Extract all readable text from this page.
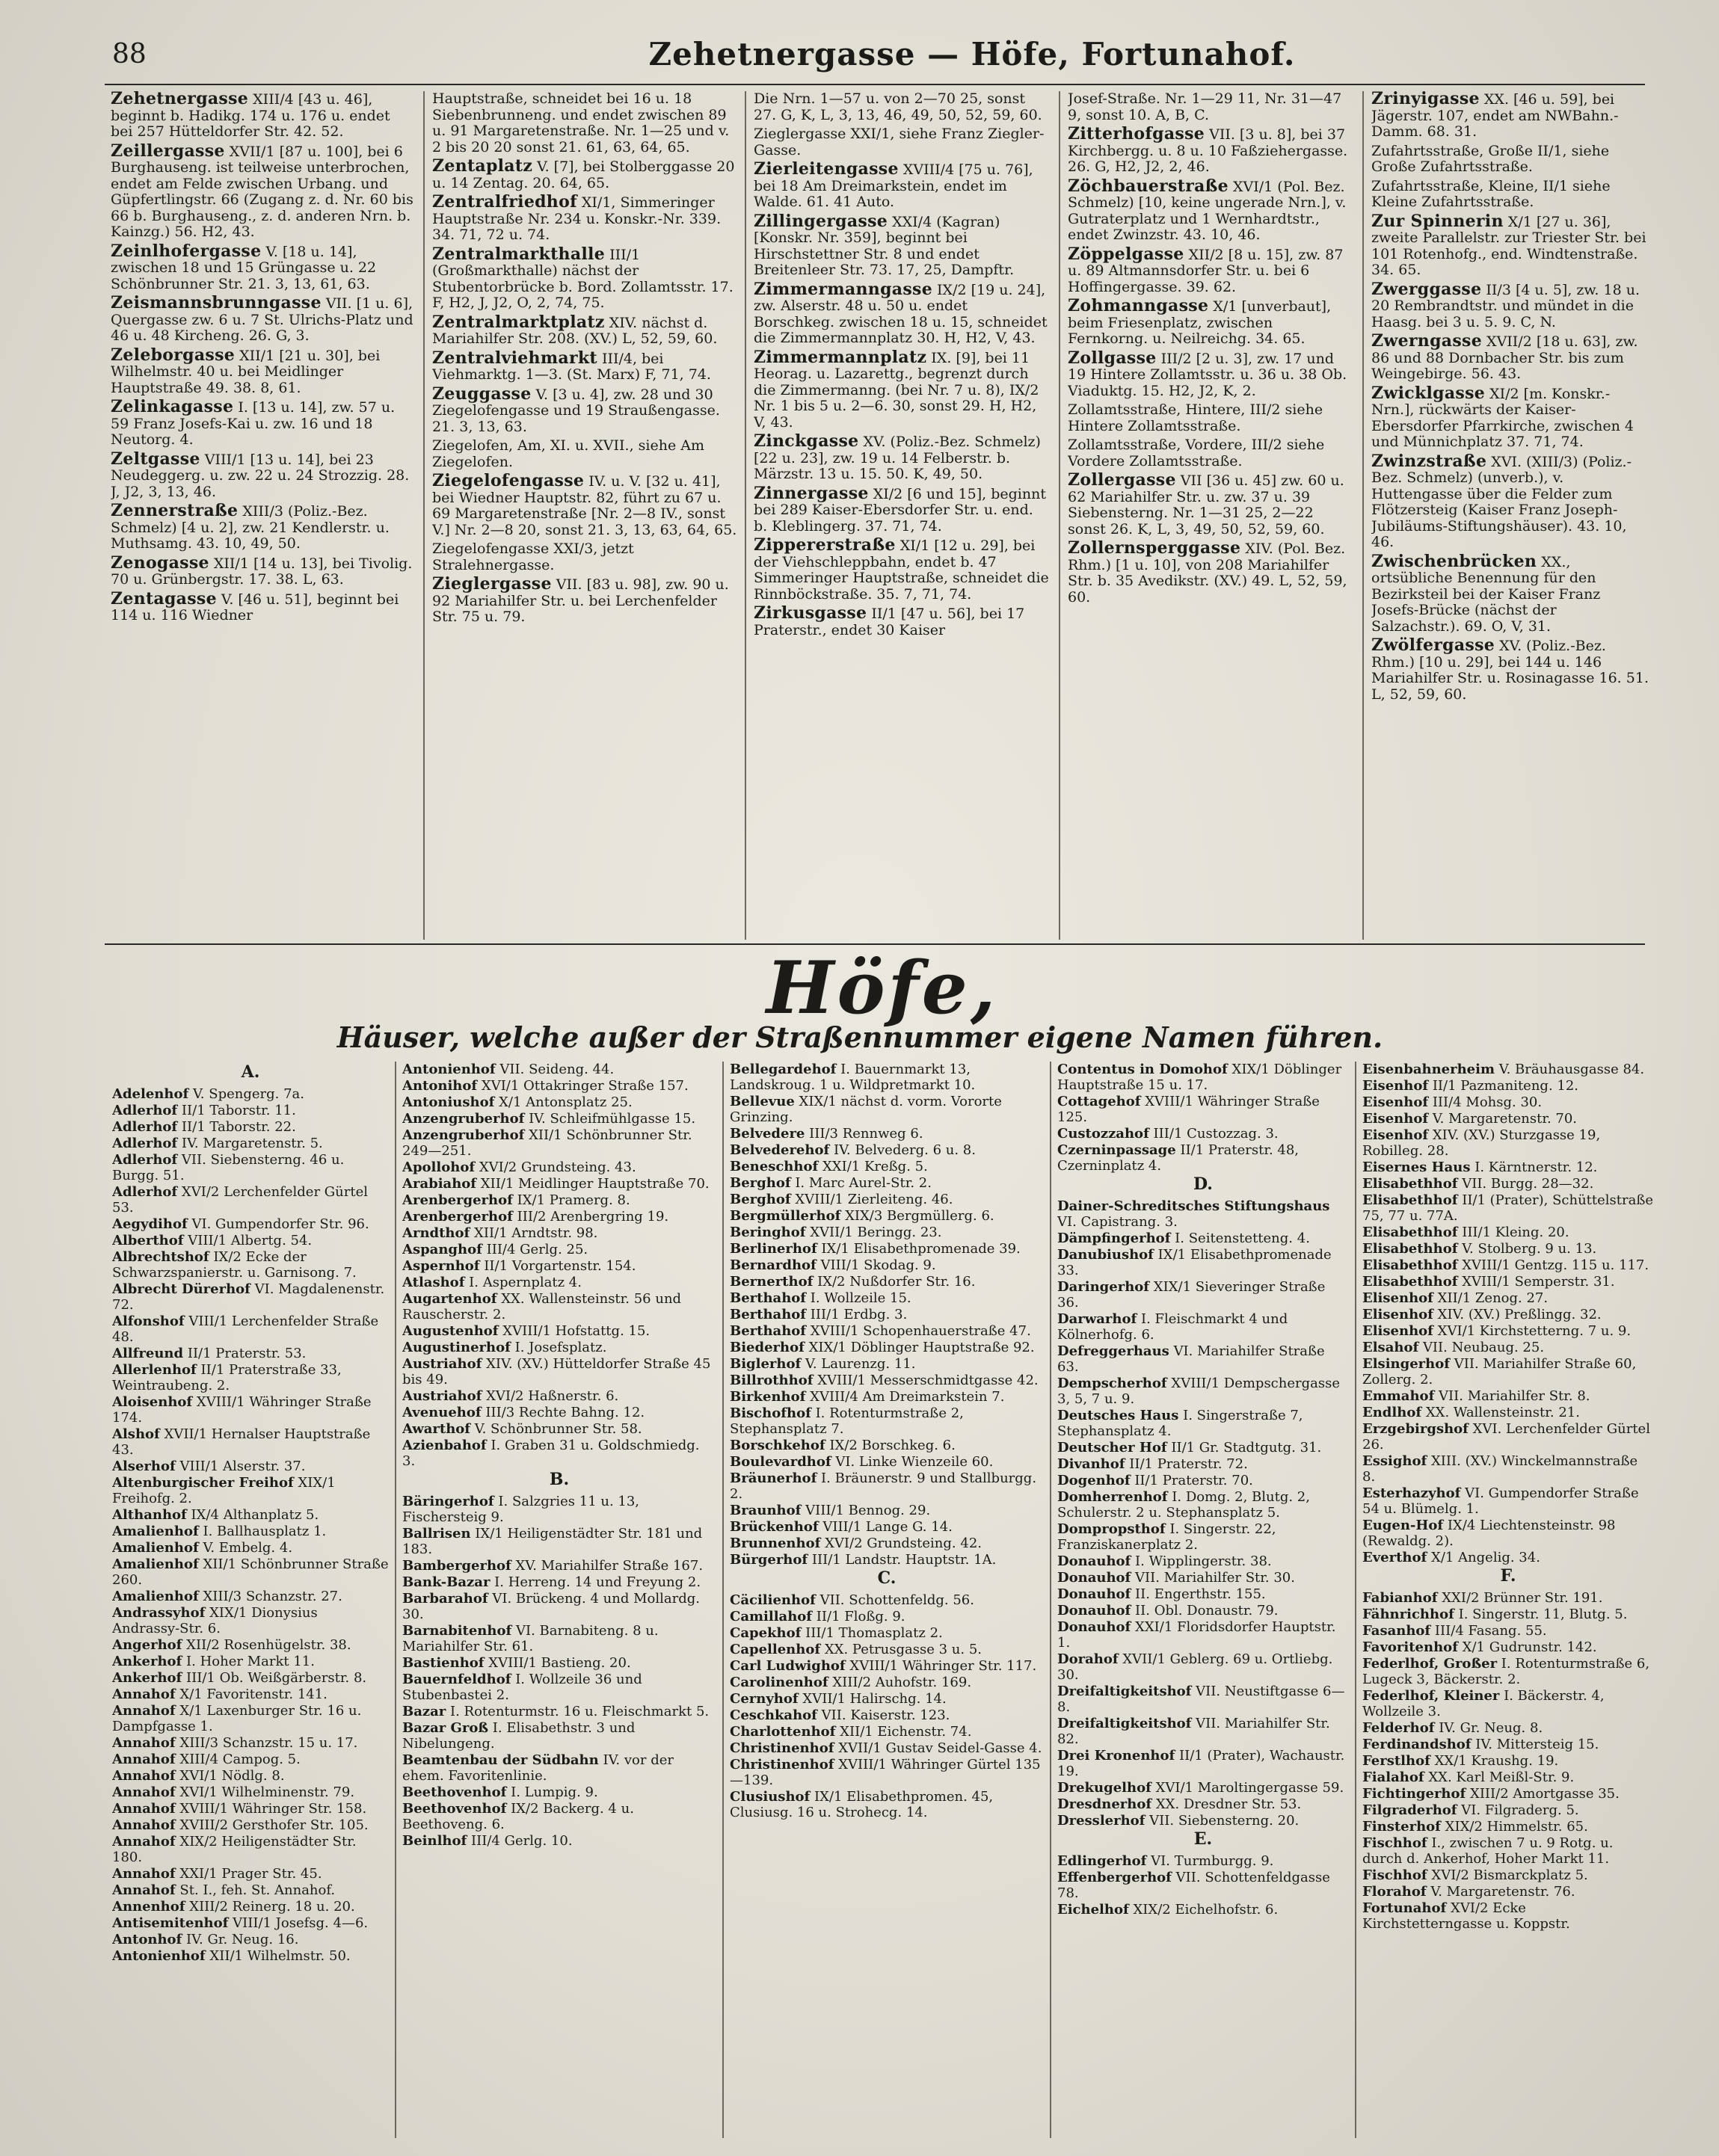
88	Zehetnergasse — Höfe, Fortunahof.
Zehetnergasse XIII/4 [43 u. 46], beginnt b. Hadikg. 174 u. 176 u. endet bei 257 Hütteldorfer Str. 42. 52.
Zeillergasse XVII/1 [87 u. 100], bei 6 Burghauseng. ist teilweise unterbrochen, endet am Felde zwischen Urbang. und Güpfertlingstr. 66 (Zugang z. d. Nr. 60 bis 66 b. Burghauseng., z. d. anderen Nrn. b. Kainzg.) 56. H2, 43.
Zeinlhofergasse V. [18 u. 14], zwischen 18 und 15 Grüngasse u. 22 Schönbrunner Str. 21. 3, 13, 61, 63.
Zeismannsbrunngasse VII. [1 u. 6], Quergasse zw. 6 u. 7 St. Ulrichs-Platz und 46 u. 48 Kircheng. 26. G, 3.
Zeleborgasse XII/1 [21 u. 30], bei Wilhelmstr. 40 u. bei Meidlinger Hauptstraße 49. 38. 8, 61.
Zelinkagasse I. [13 u. 14], zw. 57 u. 59 Franz Josefs-Kai u. zw. 16 und 18 Neutorg. 4.
Zeltgasse VIII/1 [13 u. 14], bei 23 Neudeggerg. u. zw. 22 u. 24 Strozzig. 28. J, J2, 3, 13, 46.
Zennerstraße XIII/3 (Poliz.-Bez. Schmelz) [4 u. 2], zw. 21 Kendlerstr. u. Muthsamg. 43. 10, 49, 50.
Zenogasse XII/1 [14 u. 13], bei Tivolig. 70 u. Grünbergstr. 17. 38. L, 63.
Zentagasse V. [46 u. 51], beginnt bei 114 u. 116 Wiedner
Hauptstraße, schneidet bei 16 u. 18 Siebenbrunneng. und endet zwischen 89 u. 91 Margaretenstraße. Nr. 1—25 und v. 2 bis 20 20 sonst 21. 61, 63, 64, 65.
Zentaplatz V. [7], bei Stolberggasse 20 u. 14 Zentag. 20. 64, 65.
Zentralfriedhof XI/1, Simmeringer Hauptstraße Nr. 234 u. Konskr.-Nr. 339. 34. 71, 72 u. 74.
Zentralmarkthalle III/1 (Großmarkthalle) nächst der Stubentorbrücke b. Bord. Zollamtsstr. 17. F, H2, J, J2, O, 2, 74, 75.
Zentralmarktplatz XIV. nächst d. Mariahilfer Str. 208. (XV.) L, 52, 59, 60.
Zentralviehmarkt III/4, bei Viehmarktg. 1—3. (St. Marx) F, 71, 74.
Zeuggasse V. [3 u. 4], zw. 28 und 30 Ziegelofengasse und 19 Straußengasse. 21. 3, 13, 63.
Ziegelofen, Am, XI. u. XVII., siehe Am Ziegelofen.
Ziegelofengasse IV. u. V. [32 u. 41], bei Wiedner Hauptstr. 82, führt zu 67 u. 69 Margaretenstraße [Nr. 2—8 IV., sonst V.] Nr. 2—8 20, sonst 21. 3, 13, 63, 64, 65.
Ziegelofengasse XXI/3, jetzt Stralehnergasse.
Zieglergasse VII. [83 u. 98], zw. 90 u. 92 Mariahilfer Str. u. bei Lerchenfelder Str. 75 u. 79.
Die Nrn. 1—57 u. von 2—70 25, sonst 27. G, K, L, 3, 13, 46, 49, 50, 52, 59, 60.
Zieglergasse XXI/1, siehe Franz Ziegler-Gasse.
Zierleitengasse XVIII/4 [75 u. 76], bei 18 Am Dreimarkstein, endet im Walde. 61. 41 Auto.
Zillingergasse XXI/4 (Kagran) [Konskr. Nr. 359], beginnt bei Hirschstettner Str. 8 und endet Breitenleer Str. 73. 17, 25, Dampftr.
Zimmermanngasse IX/2 [19 u. 24], zw. Alserstr. 48 u. 50 u. endet Borschkeg. zwischen 18 u. 15, schneidet die Zimmermannplatz 30. H, H2, V, 43.
Zimmermannplatz IX. [9], bei 11 Heorag. u. Lazarettg., begrenzt durch die Zimmermanng. (bei Nr. 7 u. 8), IX/2 Nr. 1 bis 5 u. 2—6. 30, sonst 29. H, H2, V, 43.
Zinckgasse XV. (Poliz.-Bez. Schmelz) [22 u. 23], zw. 19 u. 14 Felberstr. b. Märzstr. 13 u. 15. 50. K, 49, 50.
Zinnergasse XI/2 [6 und 15], beginnt bei 289 Kaiser-Ebersdorfer Str. u. end. b. Kleblingerg. 37. 71, 74.
Zippererstraße XI/1 [12 u. 29], bei der Viehschleppbahn, endet b. 47 Simmeringer Hauptstraße, schneidet die Rinnböckstraße. 35. 7, 71, 74.
Zirkusgasse II/1 [47 u. 56], bei 17 Praterstr., endet 30 Kaiser
Josef-Straße. Nr. 1—29 11, Nr. 31—47 9, sonst 10. A, B, C.
Zitterhofgasse VII. [3 u. 8], bei 37 Kirchbergg. u. 8 u. 10 Faßziehergasse. 26. G, H2, J2, 2, 46.
Zöchbauerstraße XVI/1 (Pol. Bez. Schmelz) [10, keine ungerade Nrn.], v. Gutraterplatz und 1 Wernhardtstr., endet Zwinzstr. 43. 10, 46.
Zöppelgasse XII/2 [8 u. 15], zw. 87 u. 89 Altmannsdorfer Str. u. bei 6 Hoffingergasse. 39. 62.
Zohmanngasse X/1 [unverbaut], beim Friesenplatz, zwischen Fernkorng. u. Neilreichg. 34. 65.
Zollgasse III/2 [2 u. 3], zw. 17 und 19 Hintere Zollamtsstr. u. 36 u. 38 Ob. Viaduktg. 15. H2, J2, K, 2.
Zollamtsstraße, Hintere, III/2 siehe Hintere Zollamtsstraße.
Zollamtsstraße, Vordere, III/2 siehe Vordere Zollamtsstraße.
Zollergasse VII [36 u. 45] zw. 60 u. 62 Mariahilfer Str. u. zw. 37 u. 39 Siebensterng. Nr. 1—31 25, 2—22 sonst 26. K, L, 3, 49, 50, 52, 59, 60.
Zollernsperggasse XIV. (Pol. Bez. Rhm.) [1 u. 10], von 208 Mariahilfer Str. b. 35 Avedikstr. (XV.) 49. L, 52, 59, 60.
Zrinyigasse XX. [46 u. 59], bei Jägerstr. 107, endet am NWBahn.-Damm. 68. 31.
Zufahrtsstraße, Große II/1, siehe Große Zufahrtsstraße.
Zufahrtsstraße, Kleine, II/1 siehe Kleine Zufahrtsstraße.
Zur Spinnerin X/1 [27 u. 36], zweite Parallelstr. zur Triester Str. bei 101 Rotenhofg., end. Windtenstraße. 34. 65.
Zwerggasse II/3 [4 u. 5], zw. 18 u. 20 Rembrandtstr. und mündet in die Haasg. bei 3 u. 5. 9. C, N.
Zwerngasse XVII/2 [18 u. 63], zw. 86 und 88 Dornbacher Str. bis zum Weingebirge. 56. 43.
Zwicklgasse XI/2 [m. Konskr.-Nrn.], rückwärts der Kaiser-Ebersdorfer Pfarrkirche, zwischen 4 und Münnichplatz 37. 71, 74.
Zwinzstraße XVI. (XIII/3) (Poliz.-Bez. Schmelz) (unverb.), v. Huttengasse über die Felder zum Flötzersteig (Kaiser Franz Joseph-Jubiläums-Stiftungshäuser). 43. 10, 46.
Zwischenbrücken XX., ortsübliche Benennung für den Bezirksteil bei der Kaiser Franz Josefs-Brücke (nächst der Salzachstr.). 69. O, V, 31.
Zwölfergasse XV. (Poliz.-Bez. Rhm.) [10 u. 29], bei 144 u. 146 Mariahilfer Str. u. Rosinagasse 16. 51. L, 52, 59, 60.
Höfe,
Häuser, welche außer der Straßennummer eigene Namen führen.
A.
Adelenhof V. Spengerg. 7a.
Adlerhof II/1 Taborstr. 11.
Adlerhof II/1 Taborstr. 22.
Adlerhof IV. Margaretenstr. 5.
Adlerhof VII. Siebensterng. 46 u. Burgg. 51.
Adlerhof XVI/2 Lerchenfelder Gürtel 53.
Aegydihof VI. Gumpendorfer Str. 96.
Alberthof VIII/1 Albertg. 54.
Albrechtshof IX/2 Ecke der Schwarzspanierstr. u. Garnisong. 7.
Albrecht Dürerhof VI. Magdalenenstr. 72.
Alfonshof VIII/1 Lerchenfelder Straße 48.
Allfreund II/1 Praterstr. 53.
Allerlenhof II/1 Praterstraße 33, Weintraubeng. 2.
Aloisenhof XVIII/1 Währinger Straße 174.
Alshof XVII/1 Hernalser Hauptstraße 43.
Alserhof VIII/1 Alserstr. 37.
Altenburgischer Freihof XIX/1 Freihofg. 2.
Althanhof IX/4 Althanplatz 5.
Amalienhof I. Ballhausplatz 1.
Amalienhof V. Embelg. 4.
Amalienhof XII/1 Schönbrunner Straße 260.
Amalienhof XIII/3 Schanzstr. 27.
Andrassyhof XIX/1 Dionysius Andrassy-Str. 6.
Angerhof XII/2 Rosenhügelstr. 38.
Ankerhof I. Hoher Markt 11.
Ankerhof III/1 Ob. Weißgärberstr. 8.
Annahof X/1 Favoritenstr. 141.
Annahof X/1 Laxenburger Str. 16 u. Dampfgasse 1.
Annahof XIII/3 Schanzstr. 15 u. 17.
Annahof XIII/4 Campog. 5.
Annahof XVI/1 Nödlg. 8.
Annahof XVI/1 Wilhelminenstr. 79.
Annahof XVIII/1 Währinger Str. 158.
Annahof XVIII/2 Gersthofer Str. 105.
Annahof XIX/2 Heiligenstädter Str. 180.
Annahof XXI/1 Prager Str. 45.
Annahof St. I., feh. St. Annahof.
Annenhof XIII/2 Reinerg. 18 u. 20.
Antisemitenhof VIII/1 Josefsg. 4—6.
Antonhof IV. Gr. Neug. 16.
Antonienhof XII/1 Wilhelmstr. 50.
Antonienhof VII. Seideng. 44.
Antonihof XVI/1 Ottakringer Straße 157.
Antoniushof X/1 Antonsplatz 25.
Anzengruberhof IV. Schleifmühlgasse 15.
Anzengruberhof XII/1 Schönbrunner Str. 249—251.
Apollohof XVI/2 Grundsteing. 43.
Arabiahof XII/1 Meidlinger Hauptstraße 70.
Arenbergerhof IX/1 Pramerg. 8.
Arenbergerhof III/2 Arenbergring 19.
Arndthof XII/1 Arndtstr. 98.
Aspanghof III/4 Gerlg. 25.
Aspernhof II/1 Vorgartenstr. 154.
Atlashof I. Aspernplatz 4.
Augartenhof XX. Wallensteinstr. 56 und Rauscherstr. 2.
Augustenhof XVIII/1 Hofstattg. 15.
Augustinerhof I. Josefsplatz.
Austriahof XIV. (XV.) Hütteldorfer Straße 45 bis 49.
Austriahof XVI/2 Haßnerstr. 6.
Avenuehof III/3 Rechte Bahng. 12.
Awarthof V. Schönbrunner Str. 58.
Azienbahof I. Graben 31 u. Goldschmiedg. 3.
B.
Bäringerhof I. Salzgries 11 u. 13, Fischersteig 9.
Ballrisen IX/1 Heiligenstädter Str. 181 und 183.
Bambergerhof XV. Mariahilfer Straße 167.
Bank-Bazar I. Herreng. 14 und Freyung 2.
Barbarahof VI. Brückeng. 4 und Mollardg. 30.
Barnabitenhof VI. Barnabiteng. 8 u. Mariahilfer Str. 61.
Bastienhof XVIII/1 Bastieng. 20.
Bauernfeldhof I. Wollzeile 36 und Stubenbastei 2.
Bazar I. Rotenturmstr. 16 u. Fleischmarkt 5.
Bazar Groß I. Elisabethstr. 3 und Nibelungeng.
Beamtenbau der Südbahn IV. vor der ehem. Favoritenlinie.
Beethovenhof I. Lumpig. 9.
Beethovenhof IX/2 Backerg. 4 u. Beethoveng. 6.
Beinlhof III/4 Gerlg. 10.
Bellegardehof I. Bauernmarkt 13, Landskroug. 1 u. Wildpretmarkt 10.
Bellevue XIX/1 nächst d. vorm. Vororte Grinzing.
Belvedere III/3 Rennweg 6.
Belvederehof IV. Belvederg. 6 u. 8.
Beneschhof XXI/1 Kreßg. 5.
Berghof I. Marc Aurel-Str. 2.
Berghof XVIII/1 Zierleiteng. 46.
Bergmüllerhof XIX/3 Bergmüllerg. 6.
Beringhof XVII/1 Beringg. 23.
Berlinerhof IX/1 Elisabethpromenade 39.
Bernardhof VIII/1 Skodag. 9.
Bernerthof IX/2 Nußdorfer Str. 16.
Berthahof I. Wollzeile 15.
Berthahof III/1 Erdbg. 3.
Berthahof XVIII/1 Schopenhauerstraße 47.
Biederhof XIX/1 Döblinger Hauptstraße 92.
Biglerhof V. Laurenzg. 11.
Billrothhof XVIII/1 Messerschmidtgasse 42.
Birkenhof XVIII/4 Am Dreimarkstein 7.
Bischofhof I. Rotenturmstraße 2, Stephansplatz 7.
Borschkehof IX/2 Borschkeg. 6.
Boulevardhof VI. Linke Wienzeile 60.
Bräunerhof I. Bräunerstr. 9 und Stallburgg. 2.
Braunhof VIII/1 Bennog. 29.
Brückenhof VIII/1 Lange G. 14.
Brunnenhof XVI/2 Grundsteing. 42.
Bürgerhof III/1 Landstr. Hauptstr. 1A.
C.
Cäcilienhof VII. Schottenfeldg. 56.
Camillahof II/1 Floßg. 9.
Capekhof III/1 Thomasplatz 2.
Capellenhof XX. Petrusgasse 3 u. 5.
Carl Ludwighof XVIII/1 Währinger Str. 117.
Carolinenhof XIII/2 Auhofstr. 169.
Cernyhof XVII/1 Halirschg. 14.
Ceschkahof VII. Kaiserstr. 123.
Charlottenhof XII/1 Eichenstr. 74.
Christinenhof XVII/1 Gustav Seidel-Gasse 4.
Christinenhof XVIII/1 Währinger Gürtel 135—139.
Clusiushof IX/1 Elisabethpromen. 45, Clusiusg. 16 u. Strohecg. 14.
Contentus in Domohof XIX/1 Döblinger Hauptstraße 15 u. 17.
Cottagehof XVIII/1 Währinger Straße 125.
Custozzahof III/1 Custozzag. 3.
Czerninpassage II/1 Praterstr. 48, Czerninplatz 4.
D.
Dainer-Schreditsches Stiftungshaus VI. Capistrang. 3.
Dämpfingerhof I. Seitenstetteng. 4.
Danubiushof IX/1 Elisabethpromenade 33.
Daringerhof XIX/1 Sieveringer Straße 36.
Darwarhof I. Fleischmarkt 4 und Kölnerhofg. 6.
Defreggerhaus VI. Mariahilfer Straße 63.
Dempscherhof XVIII/1 Dempschergasse 3, 5, 7 u. 9.
Deutsches Haus I. Singerstraße 7, Stephansplatz 4.
Deutscher Hof II/1 Gr. Stadtgutg. 31.
Divanhof II/1 Praterstr. 72.
Dogenhof II/1 Praterstr. 70.
Domherrenhof I. Domg. 2, Blutg. 2, Schulerstr. 2 u. Stephansplatz 5.
Dompropsthof I. Singerstr. 22, Franziskanerplatz 2.
Donauhof I. Wipplingerstr. 38.
Donauhof VII. Mariahilfer Str. 30.
Donauhof II. Engerthstr. 155.
Donauhof II. Obl. Donaustr. 79.
Donauhof XXI/1 Floridsdorfer Hauptstr. 1.
Dorahof XVII/1 Geblerg. 69 u. Ortliebg. 30.
Dreifaltigkeitshof VII. Neustiftgasse 6—8.
Dreifaltigkeitshof VII. Mariahilfer Str. 82.
Drei Kronenhof II/1 (Prater), Wachaustr. 19.
Drekugelhof XVI/1 Maroltingergasse 59.
Dresdnerhof XX. Dresdner Str. 53.
Dresslerhof VII. Siebensterng. 20.
E.
Edlingerhof VI. Turmburgg. 9.
Effenbergerhof VII. Schottenfeldgasse 78.
Eichelhof XIX/2 Eichelhofstr. 6.
Eisenbahnerheim V. Bräuhausgasse 84.
Eisenhof II/1 Pazmaniteng. 12.
Eisenhof III/4 Mohsg. 30.
Eisenhof V. Margaretenstr. 70.
Eisenhof XIV. (XV.) Sturzgasse 19, Robilleg. 28.
Eisernes Haus I. Kärntnerstr. 12.
Elisabethhof VII. Burgg. 28—32.
Elisabethhof II/1 (Prater), Schüttelstraße 75, 77 u. 77A.
Elisabethhof III/1 Kleing. 20.
Elisabethhof V. Stolberg. 9 u. 13.
Elisabethhof XVIII/1 Gentzg. 115 u. 117.
Elisabethhof XVIII/1 Semperstr. 31.
Elisenhof XII/1 Zenog. 27.
Elisenhof XIV. (XV.) Preßlingg. 32.
Elisenhof XVI/1 Kirchstetterng. 7 u. 9.
Elsahof VII. Neubaug. 25.
Elsingerhof VII. Mariahilfer Straße 60, Zollerg. 2.
Emmahof VII. Mariahilfer Str. 8.
Endlhof XX. Wallensteinstr. 21.
Erzgebirgshof XVI. Lerchenfelder Gürtel 26.
Essighof XIII. (XV.) Winckelmannstraße 8.
Esterhazyhof VI. Gumpendorfer Straße 54 u. Blümelg. 1.
Eugen-Hof IX/4 Liechtensteinstr. 98 (Rewaldg. 2).
Everthof X/1 Angelig. 34.
F.
Fabianhof XXI/2 Brünner Str. 191.
Fähnrichhof I. Singerstr. 11, Blutg. 5.
Fasanhof III/4 Fasang. 55.
Favoritenhof X/1 Gudrunstr. 142.
Federlhof, Großer I. Rotenturmstraße 6, Lugeck 3, Bäckerstr. 2.
Federlhof, Kleiner I. Bäckerstr. 4, Wollzeile 3.
Felderhof IV. Gr. Neug. 8.
Ferdinandshof IV. Mittersteig 15.
Ferstlhof XX/1 Kraushg. 19.
Fialahof XX. Karl Meißl-Str. 9.
Fichtingerhof XIII/2 Amortgasse 35.
Filgraderhof VI. Filgraderg. 5.
Finsterhof XIX/2 Himmelstr. 65.
Fischhof I., zwischen 7 u. 9 Rotg. u. durch d. Ankerhof, Hoher Markt 11.
Fischhof XVI/2 Bismarckplatz 5.
Florahof V. Margaretenstr. 76.
Fortunahof XVI/2 Ecke Kirchstetterngasse u. Koppstr.
